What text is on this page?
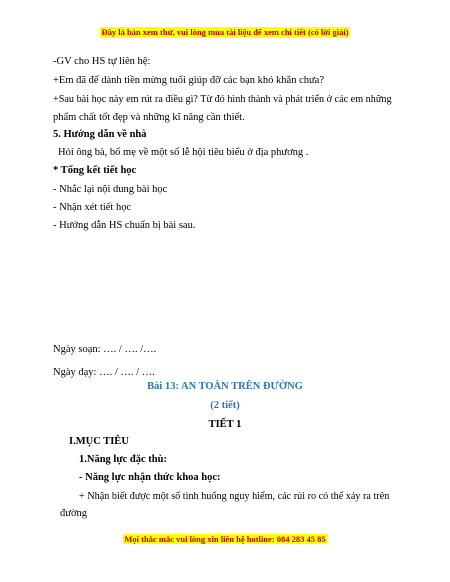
Đây là bản xem thử, vui lòng mua tài liệu để xem chi tiết (có lời giải)
-GV cho HS tự liên hệ:
+Em đã để dành tiền mừng tuổi giúp đỡ các bạn khó khăn chưa?
+Sau bài học này em rút ra điều gì? Từ đó hình thành và phát triển ở các em những
phẩm chất tốt đẹp và những kĩ năng cần thiết.
5. Hướng dẫn về nhà
Hỏi ông bà, bố mẹ về một số lễ hội tiêu biểu ở địa phương .
* Tổng kết tiết học
- Nhắc lại nội dung bài học
- Nhận xét tiết học
- Hướng dẫn HS chuẩn bị bài sau.
Ngày soạn: …. / …. /….
Ngày dạy: …. / …. / ….
Bài 13: AN TOÀN TRÊN ĐƯỜNG
(2 tiết)
TIẾT 1
I.MỤC TIÊU
1.Năng lực đặc thù:
- Năng lực nhận thức khoa học:
+ Nhận biết được một số tình huống nguy hiểm, các rủi ro có thể xảy ra trên
đường
Mọi thắc mắc vui lòng xin liên hệ hotline: 084 283 45 85
